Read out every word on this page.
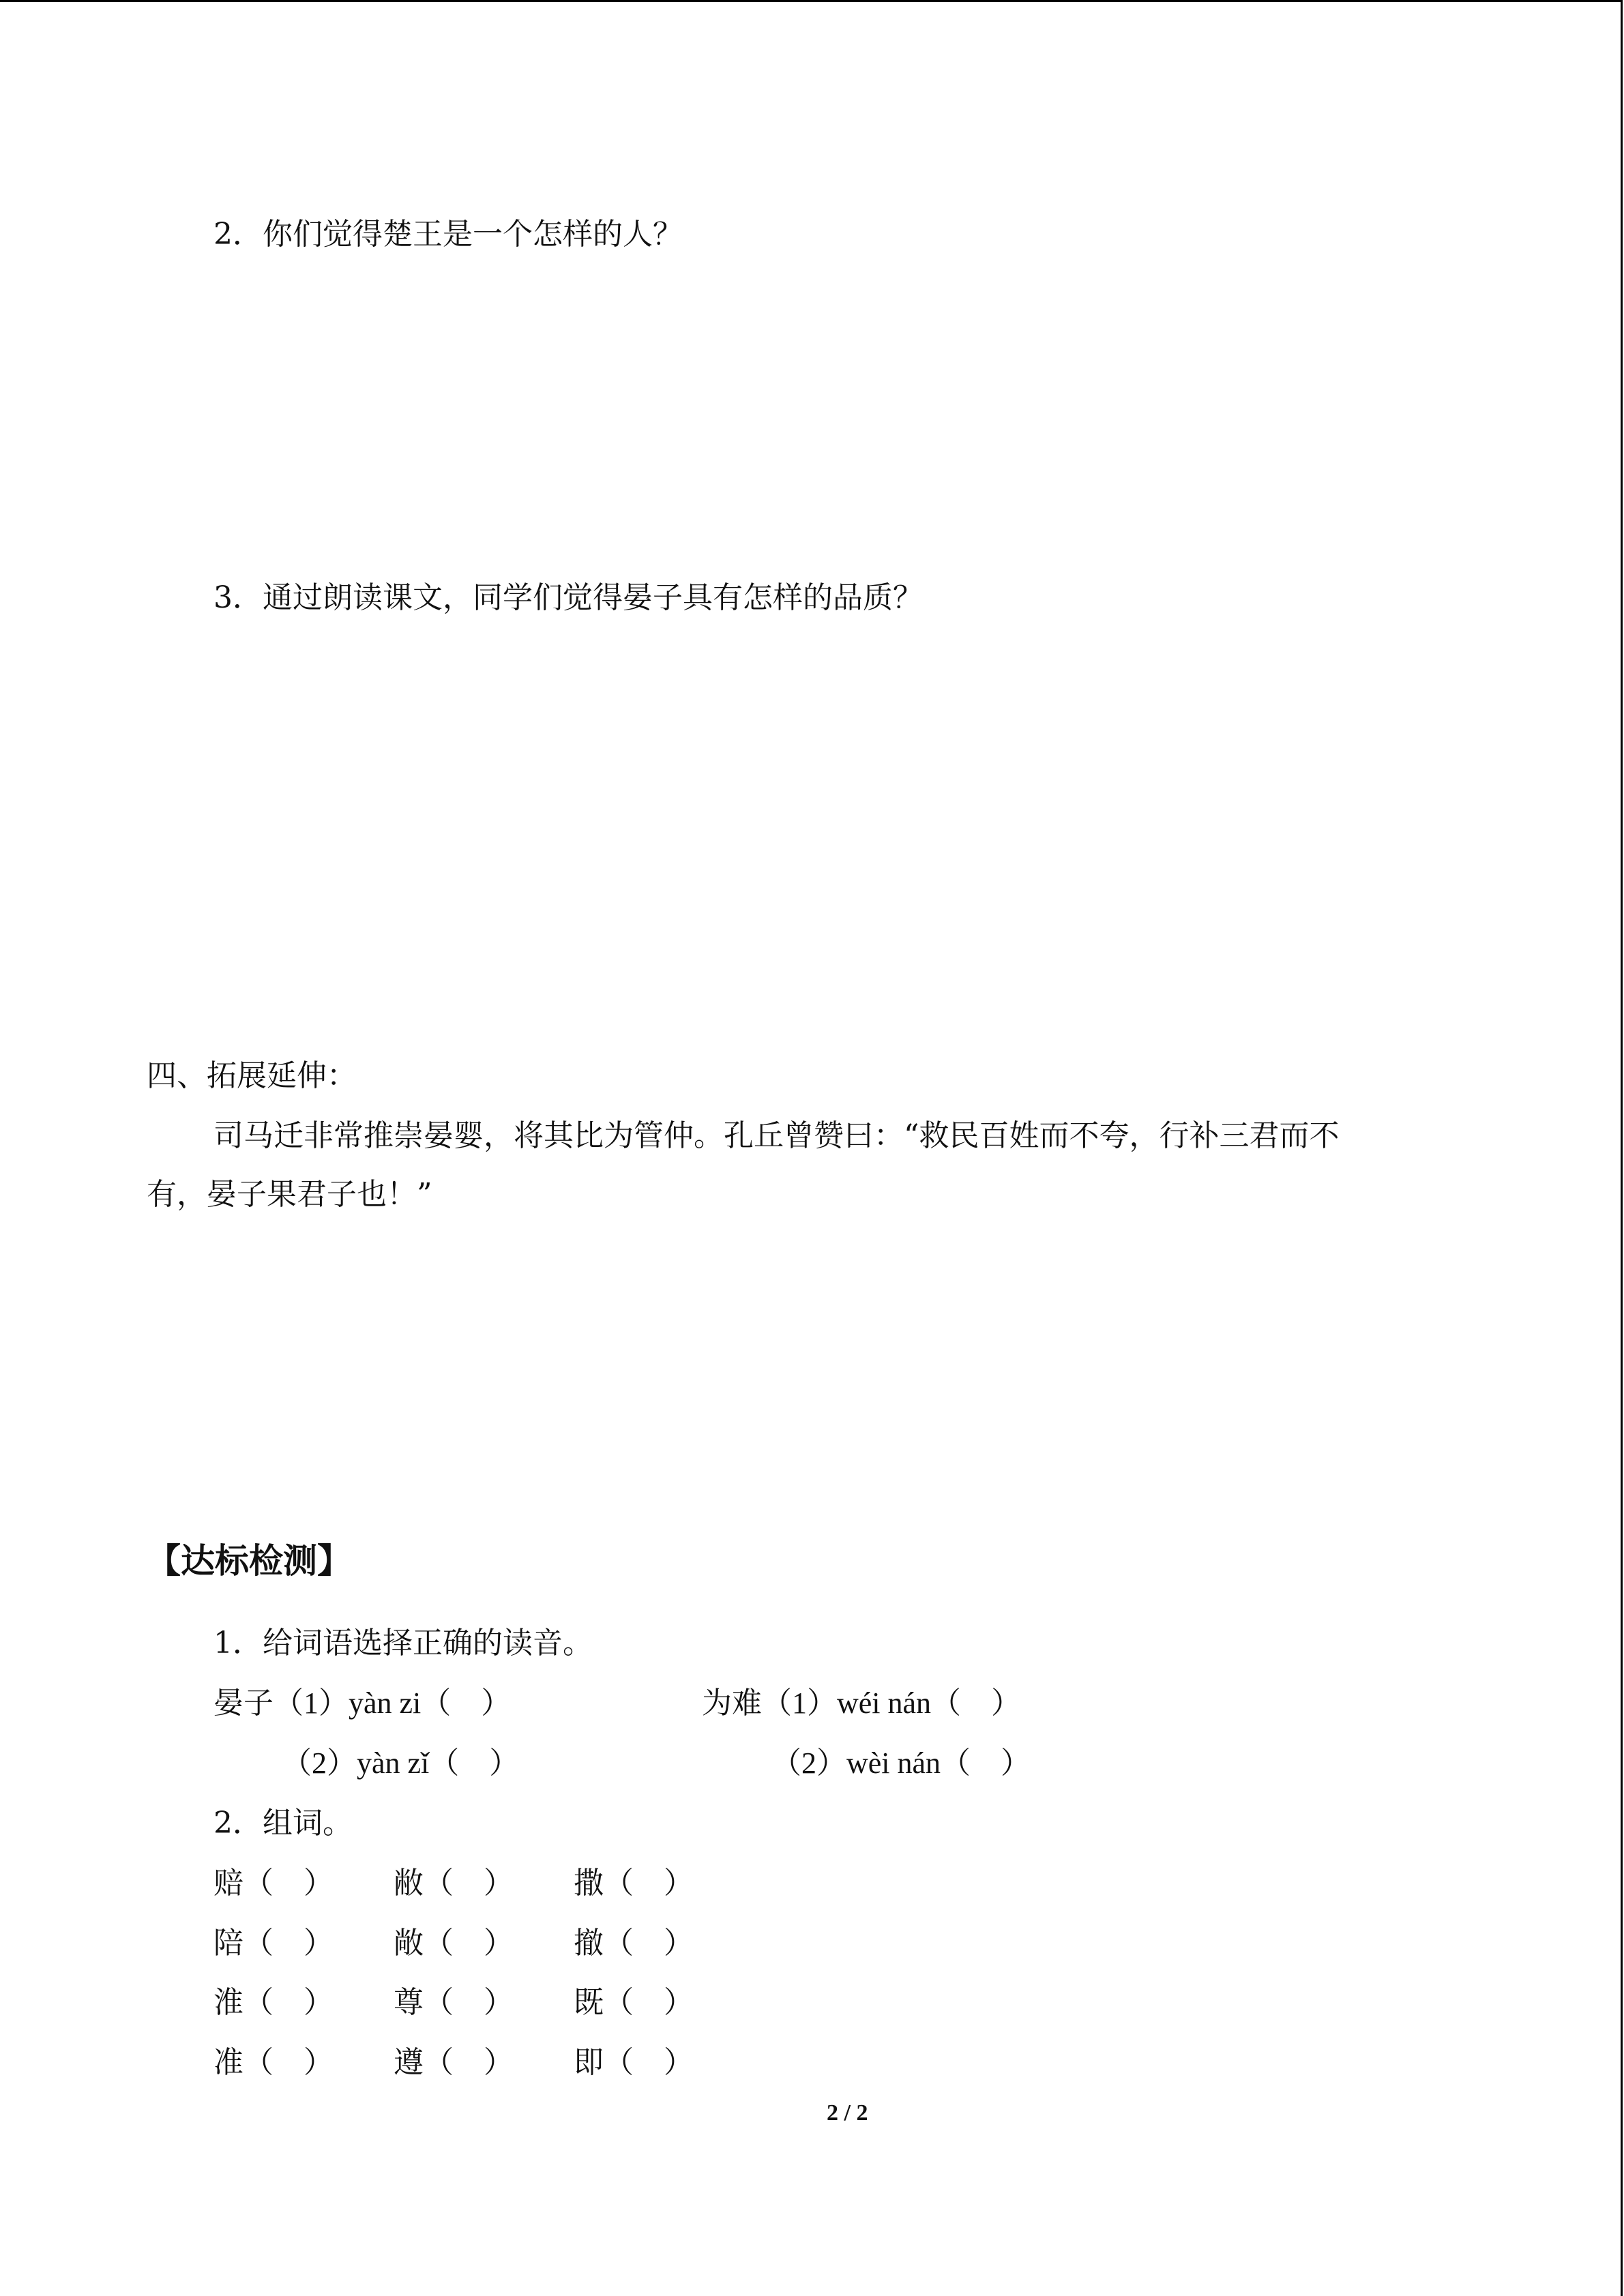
2．你们觉得楚王是一个怎样的人？
3．通过朗读课文，同学们觉得晏子具有怎样的品质？
四、拓展延伸：
司马迁非常推崇晏婴，将其比为管仲。孔丘曾赞曰：“救民百姓而不夸，行补三君而不
有，晏子果君子也！”
【达标检测】
1．给词语选择正确的读音。
晏子（1）yàn zi（　）	为难（1）wéi nán（　）
（2）yàn zǐ（　）	（2）wèi nán（　）
2．组词。
赔（　） 敝（　） 撒（　）
陪（　） 敞（　） 撤（　）
淮（　） 尊（　） 既（　）
准（　） 遵（　） 即（　）
2 / 2
